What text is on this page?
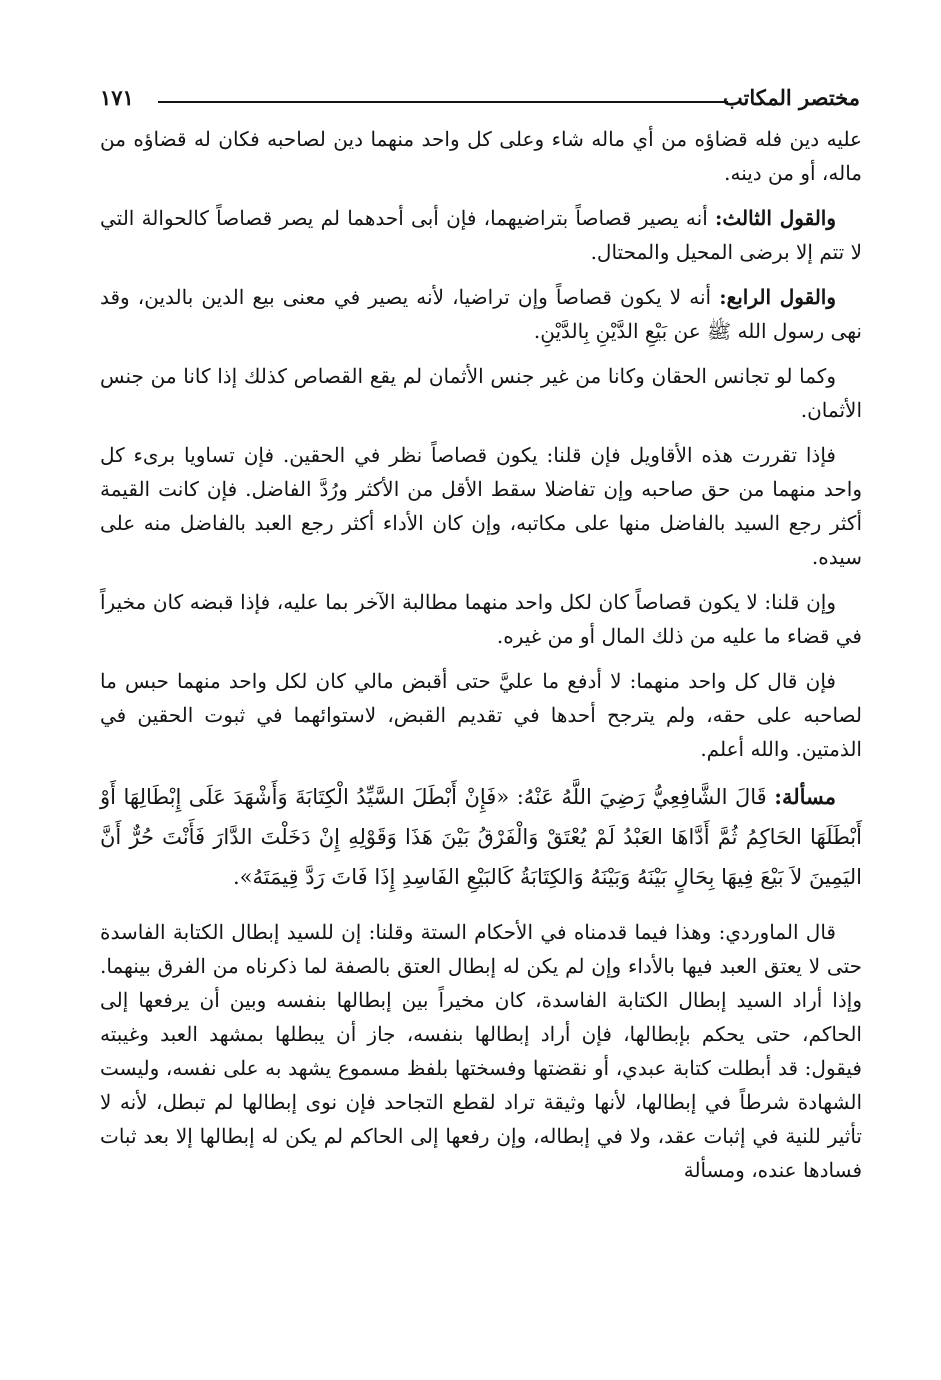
مختصر المكاتب
١٧١

عليه دين فله قضاؤه من أي ماله شاء وعلى كل واحد منهما دين لصاحبه فكان له قضاؤه من ماله، أو من دينه.

والقول الثالث: أنه يصير قصاصاً بتراضيهما، فإن أبى أحدهما لم يصر قصاصاً كالحوالة التي لا تتم إلا برضى المحيل والمحتال.

والقول الرابع: أنه لا يكون قصاصاً وإن تراضيا، لأنه يصير في معنى بيع الدين بالدين، وقد نهى رسول الله ﷺ عن بَيْعِ الدَّيْنِ بِالدَّيْنِ.

وكما لو تجانس الحقان وكانا من غير جنس الأثمان لم يقع القصاص كذلك إذا كانا من جنس الأثمان.

فإذا تقررت هذه الأقاويل فإن قلنا: يكون قصاصاً نظر في الحقين. فإن تساويا برىء كل واحد منهما من حق صاحبه وإن تفاضلا سقط الأقل من الأكثر ورُدَّ الفاضل. فإن كانت القيمة أكثر رجع السيد بالفاضل منها على مكاتبه، وإن كان الأداء أكثر رجع العبد بالفاضل منه على سيده.

وإن قلنا: لا يكون قصاصاً كان لكل واحد منهما مطالبة الآخر بما عليه، فإذا قبضه كان مخيراً في قضاء ما عليه من ذلك المال أو من غيره.

فإن قال كل واحد منهما: لا أدفع ما عليَّ حتى أقبض مالي كان لكل واحد منهما حبس ما لصاحبه على حقه، ولم يترجح أحدها في تقديم القبض، لاستوائهما في ثبوت الحقين في الذمتين. والله أعلم.

مسألة: قَالَ الشَّافِعِيُّ رَضِيَ اللَّهُ عَنْهُ: «فَإِنْ أَبْطَلَ السَّيِّدُ الْكِتَابَةَ وَأَشْهَدَ عَلَى إِبْطَالِهَا أَوْ أَبْطَلَهَا الحَاكِمُ ثُمَّ أَدَّاهَا العَبْدُ لَمْ يُعْتَقْ وَالْفَرْقُ بَيْنَ هَذَا وَقَوْلِهِ إِنْ دَخَلْتَ الدَّارَ فَأَنْتَ حُرٌّ أَنَّ اليَمِينَ لاَ بَيْعَ فِيهَا بِحَالٍ بَيْنَهُ وَبَيْنَهُ وَالكِتَابَةُ كَالبَيْعِ الفَاسِدِ إِذَا فَاتَ رَدَّ قِيمَتَهُ».

قال الماوردي: وهذا فيما قدمناه في الأحكام الستة وقلنا: إن للسيد إبطال الكتابة الفاسدة حتى لا يعتق العبد فيها بالأداء وإن لم يكن له إبطال العتق بالصفة لما ذكرناه من الفرق بينهما. وإذا أراد السيد إبطال الكتابة الفاسدة، كان مخيراً بين إبطالها بنفسه وبين أن يرفعها إلى الحاكم، حتى يحكم بإبطالها، فإن أراد إبطالها بنفسه، جاز أن يبطلها بمشهد العبد وغيبته فيقول: قد أبطلت كتابة عبدي، أو نقضتها وفسختها بلفظ مسموع يشهد به على نفسه، وليست الشهادة شرطاً في إبطالها، لأنها وثيقة تراد لقطع التجاحد فإن نوى إبطالها لم تبطل، لأنه لا تأثير للنية في إثبات عقد، ولا في إبطاله، وإن رفعها إلى الحاكم لم يكن له إبطالها إلا بعد ثبات فسادها عنده، ومسألة
